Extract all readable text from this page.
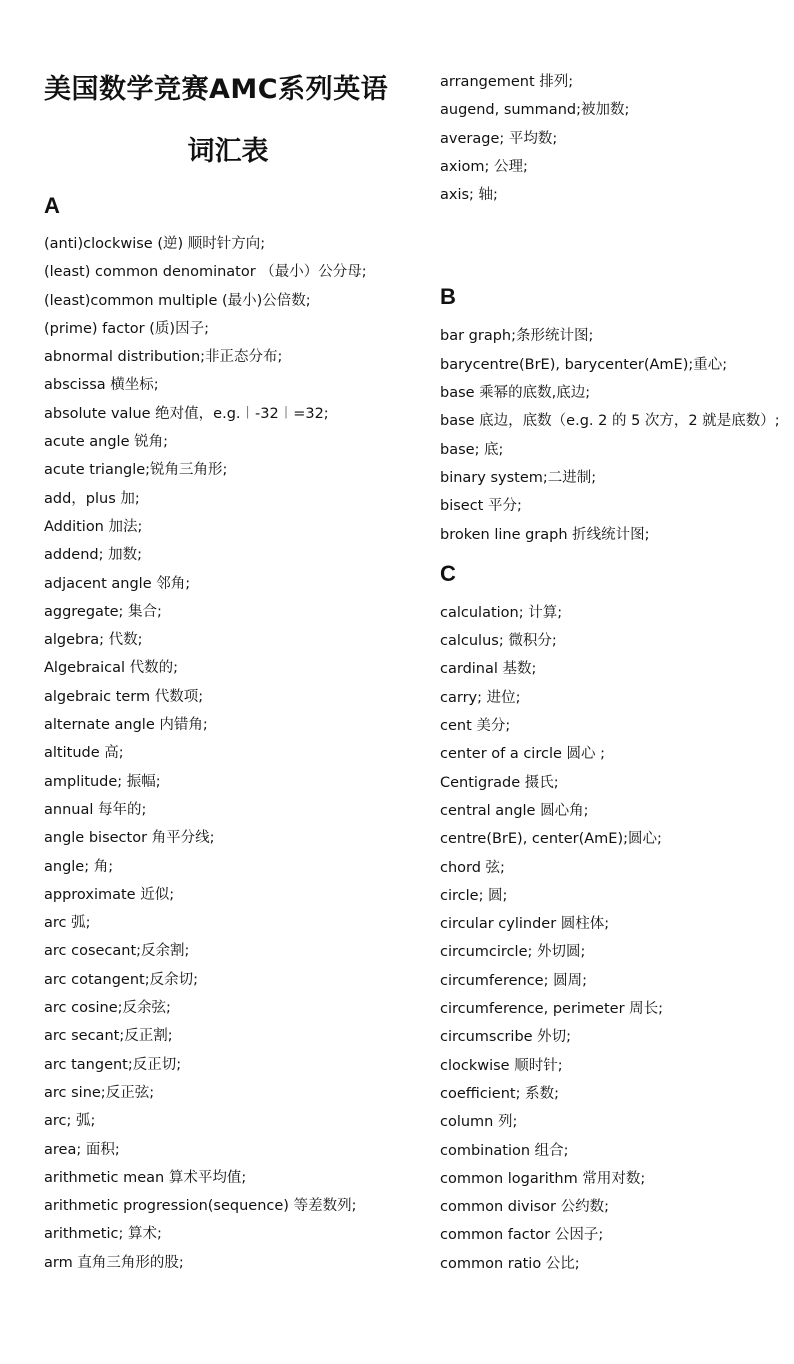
美国数学竞赛AMC系列英语
词汇表
A
(anti)clockwise (逆) 顺时针方向;
(least) common denominator （最小）公分母;
(least)common multiple (最小)公倍数;
(prime) factor (质)因子;
abnormal distribution;非正态分布;
abscissa 横坐标;
absolute value 绝对值，e.g.︱-32︱=32;
acute angle 锐角;
acute triangle;锐角三角形;
add，plus 加;
Addition 加法;
addend; 加数;
adjacent angle 邻角;
aggregate; 集合;
algebra; 代数;
Algebraical 代数的;
algebraic term 代数项;
alternate angle 内错角;
altitude 高;
amplitude; 振幅;
annual 每年的;
angle bisector 角平分线;
angle; 角;
approximate 近似;
arc 弧;
arc cosecant;反余割;
arc cotangent;反余切;
arc cosine;反余弦;
arc secant;反正割;
arc tangent;反正切;
arc sine;反正弦;
arc; 弧;
area; 面积;
arithmetic mean 算术平均值;
arithmetic progression(sequence) 等差数列;
arithmetic; 算术;
arm 直角三角形的股;
arrangement 排列;
augend, summand;被加数;
average; 平均数;
axiom; 公理;
axis; 轴;
B
bar graph;条形统计图;
barycentre(BrE), barycenter(AmE);重心;
base 乘幂的底数,底边;
base 底边，底数（e.g. 2 的 5 次方，2 就是底数）;
base; 底;
binary system;二进制;
bisect 平分;
broken line graph 折线统计图;
C
calculation; 计算;
calculus; 微积分;
cardinal 基数;
carry; 进位;
cent 美分;
center of a circle 圆心 ;
Centigrade 摄氏;
central angle 圆心角;
centre(BrE), center(AmE);圆心;
chord 弦;
circle; 圆;
circular cylinder 圆柱体;
circumcircle; 外切圆;
circumference; 圆周;
circumference, perimeter 周长;
circumscribe 外切;
clockwise 顺时针;
coefficient; 系数;
column 列;
combination 组合;
common logarithm 常用对数;
common divisor 公约数;
common factor 公因子;
common ratio 公比;
